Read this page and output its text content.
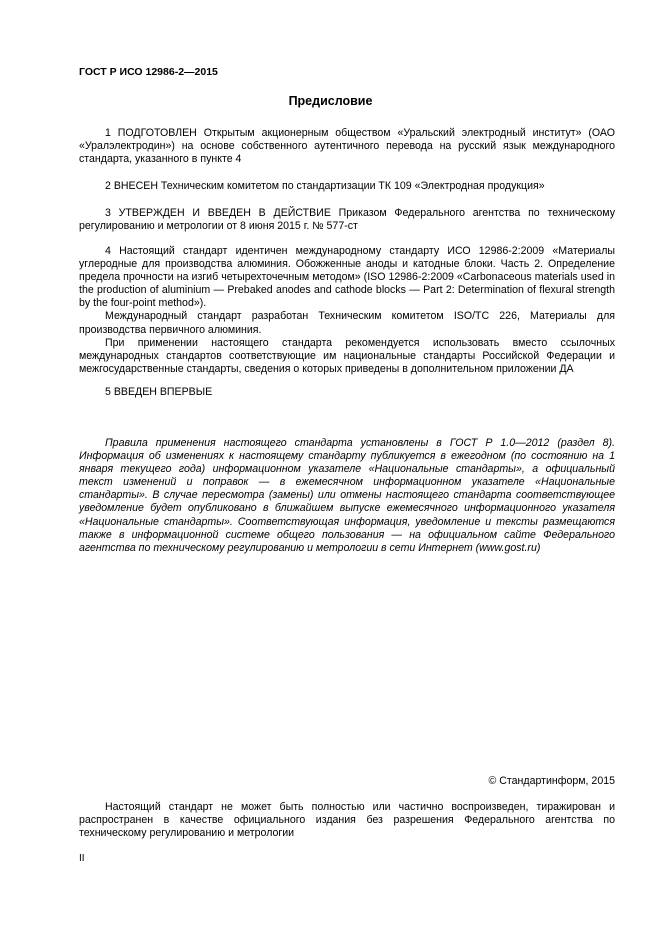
ГОСТ Р ИСО 12986-2—2015
Предисловие

1 ПОДГОТОВЛЕН Открытым акционерным обществом «Уральский электродный институт» (ОАО «Уралэлектродин») на основе собственного аутентичного перевода на русский язык международного стандарта, указанного в пункте 4

2 ВНЕСЕН Техническим комитетом по стандартизации ТК 109 «Электродная продукция»

3 УТВЕРЖДЕН И ВВЕДЕН В ДЕЙСТВИЕ Приказом Федерального агентства по техническому регулированию и метрологии от 8 июня 2015 г. № 577-ст

4 Настоящий стандарт идентичен международному стандарту ИСО 12986-2:2009 «Материалы углеродные для производства алюминия. Обожженные аноды и катодные блоки. Часть 2. Определение предела прочности на изгиб четырехточечным методом» (ISO 12986-2:2009 «Carbonaceous materials used in the production of aluminium — Prebaked anodes and cathode blocks — Part 2: Determination of flexural strength by the four-point method»).

Международный стандарт разработан Техническим комитетом ISO/TC 226, Материалы для производства первичного алюминия.

При применении настоящего стандарта рекомендуется использовать вместо ссылочных международных стандартов соответствующие им национальные стандарты Российской Федерации и межгосударственные стандарты, сведения о которых приведены в дополнительном приложении ДА

5 ВВЕДЕН ВПЕРВЫЕ

Правила применения настоящего стандарта установлены в ГОСТ Р 1.0—2012 (раздел 8). Информация об изменениях к настоящему стандарту публикуется в ежегодном (по состоянию на 1 января текущего года) информационном указателе «Национальные стандарты», а официальный текст изменений и поправок — в ежемесячном информационном указателе «Национальные стандарты». В случае пересмотра (замены) или отмены настоящего стандарта соответствующее уведомление будет опубликовано в ближайшем выпуске ежемесячного информационного указателя «Национальные стандарты». Соответствующая информация, уведомление и тексты размещаются также в информационной системе общего пользования — на официальном сайте Федерального агентства по техническому регулированию и метрологии в сети Интернет (www.gost.ru)

© Стандартинформ, 2015

Настоящий стандарт не может быть полностью или частично воспроизведен, тиражирован и распространен в качестве официального издания без разрешения Федерального агентства по техническому регулированию и метрологии

II
